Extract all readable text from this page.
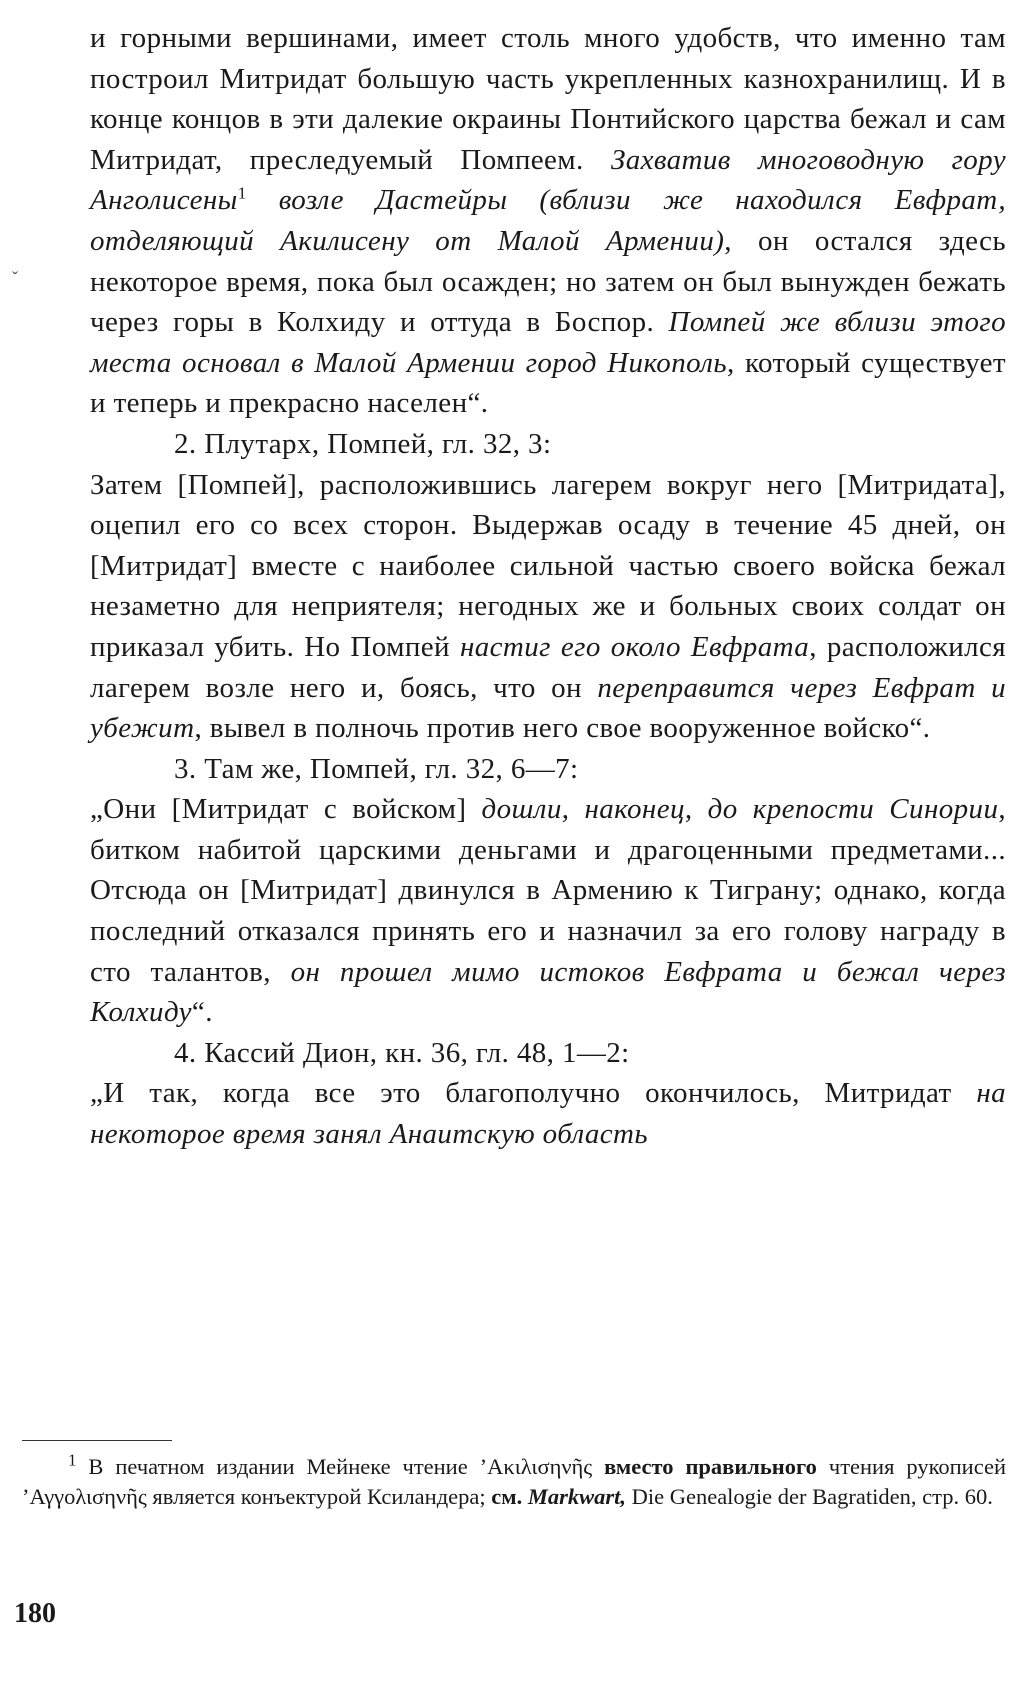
ˇ

и горными вершинами, имеет столь много удобств, что именно там построил Митридат большую часть укрепленных казнохранилищ. И в конце концов в эти далекие окраины Понтийского царства бежал и сам Митридат, преследуемый Помпеем. Захватив многоводную гору Анголисены$^1$ возле Дастейры (вблизи же находился Евфрат, отделяющий Акилисену от Малой Армении), он остался здесь некоторое время, пока был осажден; но затем он был вынужден бежать через горы в Колхиду и оттуда в Боспор. Помпей же вблизи этого места основал в Малой Армении город Никополь, который существует и теперь и прекрасно населен“.

2. Плутарх, Помпей, гл. 32, 3:

Затем [Помпей], расположившись лагерем вокруг него [Митридата], оцепил его со всех сторон. Выдержав осаду в течение 45 дней, он [Митридат] вместе с наиболее сильной частью своего войска бежал незаметно для неприятеля; негодных же и больных своих солдат он приказал убить. Но Помпей настиг его около Евфрата, расположился лагерем возле него и, боясь, что он переправится через Евфрат и убежит, вывел в полночь против него свое вооруженное войско“.

3. Там же, Помпей, гл. 32, 6—7:

„Они [Митридат с войском] дошли, наконец, до крепости Синории, битком набитой царскими деньгами и драгоценными предметами... Отсюда он [Митридат] двинулся в Армению к Тиграну; однако, когда последний отказался принять его и назначил за его голову награду в сто талантов, он прошел мимо истоков Евфрата и бежал через Колхиду“.

4. Кассий Дион, кн. 36, гл. 48, 1—2:

„И так, когда все это благополучно окончилось, Митридат на некоторое время занял Анаитскую область

$^1$ В печатном издании Мейнеке чтение ’Ακιλισηνῆς вместо правильного чтения рукописей ’Αγγολισηνῆς является конъектурой Ксиландера; см. Markwart, Die Genealogie der Bagratiden, стр. 60.

180
